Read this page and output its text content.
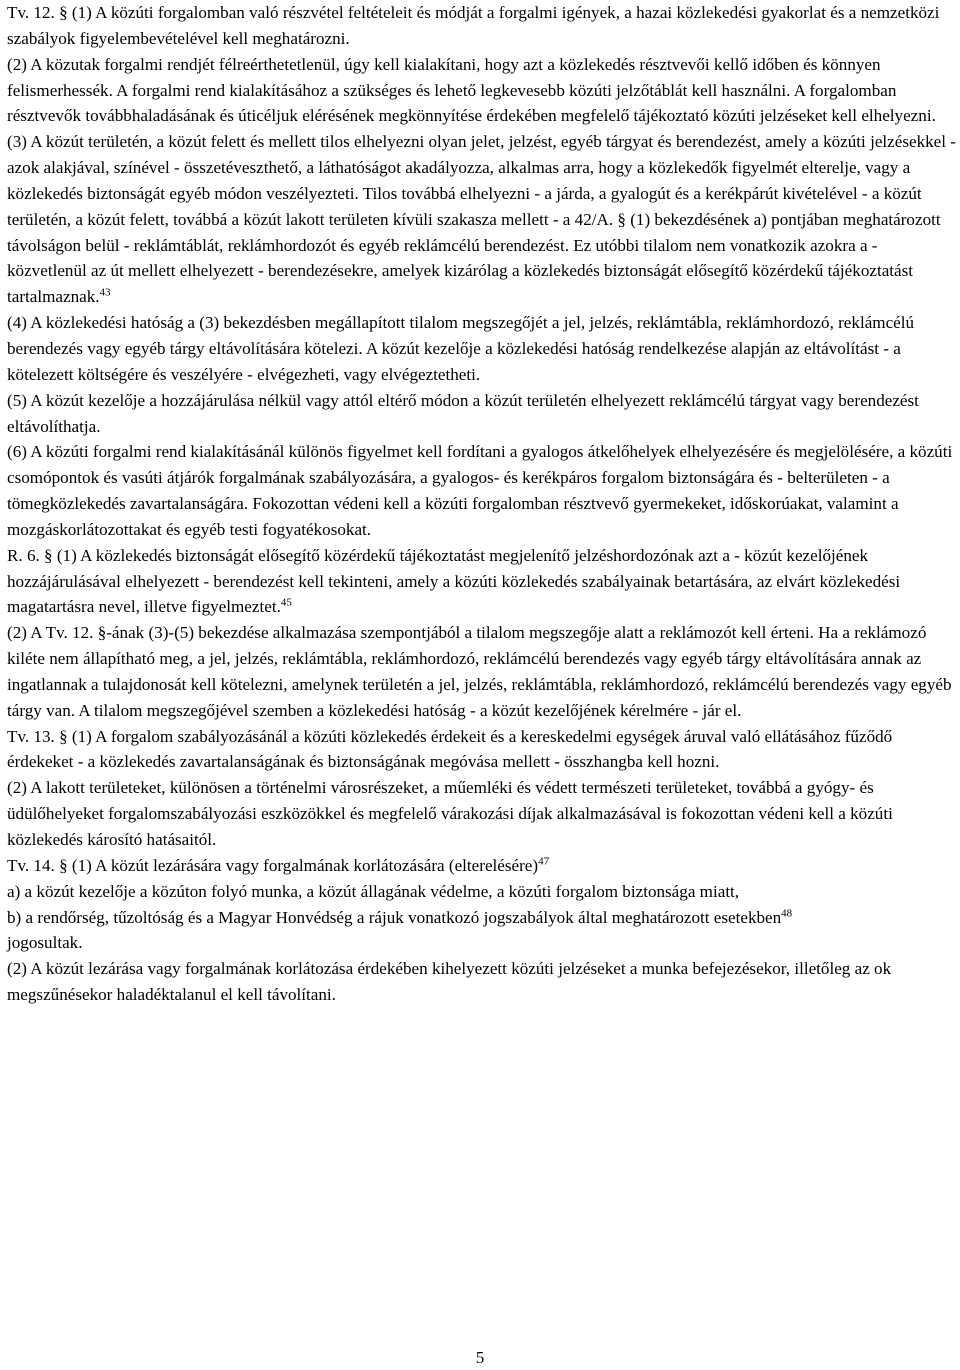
Tv. 12. § (1) A közúti forgalomban való részvétel feltételeit és módját a forgalmi igények, a hazai közlekedési gyakorlat és a nemzetközi szabályok figyelembevételével kell meghatározni.

(2) A közutak forgalmi rendjét félreérthetetlenül, úgy kell kialakítani, hogy azt a közlekedés résztvevői kellő időben és könnyen felismerhessék. A forgalmi rend kialakításához a szükséges és lehető legkevesebb közúti jelzőtáblát kell használni. A forgalomban résztvevők továbbhaladásának és úticéljuk elérésének megkönnyítése érdekében megfelelő tájékoztató közúti jelzéseket kell elhelyezni.

(3) A közút területén, a közút felett és mellett tilos elhelyezni olyan jelet, jelzést, egyéb tárgyat és berendezést, amely a közúti jelzésekkel - azok alakjával, színével - összetéveszthető, a láthatóságot akadályozza, alkalmas arra, hogy a közlekedők figyelmét elterelje, vagy a közlekedés biztonságát egyéb módon veszélyezteti. Tilos továbbá elhelyezni - a járda, a gyalogút és a kerékpárút kivételével - a közút területén, a közút felett, továbbá a közút lakott területen kívüli szakasza mellett - a 42/A. § (1) bekezdésének a) pontjában meghatározott távolságon belül - reklámtáblát, reklámhordozót és egyéb reklámcélú berendezést. Ez utóbbi tilalom nem vonatkozik azokra a - közvetlenül az út mellett elhelyezett - berendezésekre, amelyek kizárólag a közlekedés biztonságát elősegítő közérdekű tájékoztatást tartalmaznak.$^{43}$

(4) A közlekedési hatóság a (3) bekezdésben megállapított tilalom megszegőjét a jel, jelzés, reklámtábla, reklámhordozó, reklámcélú berendezés vagy egyéb tárgy eltávolítására kötelezi. A közút kezelője a közlekedési hatóság rendelkezése alapján az eltávolítást - a kötelezett költségére és veszélyére - elvégezheti, vagy elvégeztetheti.

(5) A közút kezelője a hozzájárulása nélkül vagy attól eltérő módon a közút területén elhelyezett reklámcélú tárgyat vagy berendezést eltávolíthatja.

(6) A közúti forgalmi rend kialakításánál különös figyelmet kell fordítani a gyalogos átkelőhelyek elhelyezésére és megjelölésére, a közúti csomópontok és vasúti átjárók forgalmának szabályozására, a gyalogos- és kerékpáros forgalom biztonságára és - belterületen - a tömegközlekedés zavartalanságára. Fokozottan védeni kell a közúti forgalomban résztvevő gyermekeket, időskorúakat, valamint a mozgáskorlátozottakat és egyéb testi fogyatékosokat.

R. 6. § (1) A közlekedés biztonságát elősegítő közérdekű tájékoztatást megjelenítő jelzéshordozónak azt a - közút kezelőjének hozzájárulásával elhelyezett - berendezést kell tekinteni, amely a közúti közlekedés szabályainak betartására, az elvárt közlekedési magatartásra nevel, illetve figyelmeztet.$^{45}$

(2) A Tv. 12. §-ának (3)-(5) bekezdése alkalmazása szempontjából a tilalom megszegője alatt a reklámozót kell érteni. Ha a reklámozó kiléte nem állapítható meg, a jel, jelzés, reklámtábla, reklámhordozó, reklámcélú berendezés vagy egyéb tárgy eltávolítására annak az ingatlannak a tulajdonosát kell kötelezni, amelynek területén a jel, jelzés, reklámtábla, reklámhordozó, reklámcélú berendezés vagy egyéb tárgy van. A tilalom megszegőjével szemben a közlekedési hatóság - a közút kezelőjének kérelmére - jár el.

Tv. 13. § (1) A forgalom szabályozásánál a közúti közlekedés érdekeit és a kereskedelmi egységek áruval való ellátásához fűződő érdekeket - a közlekedés zavartalanságának és biztonságának megóvása mellett - összhangba kell hozni.

(2) A lakott területeket, különösen a történelmi városrészeket, a műemléki és védett természeti területeket, továbbá a gyógy- és üdülőhelyeket forgalomszabályozási eszközökkel és megfelelő várakozási díjak alkalmazásával is fokozottan védeni kell a közúti közlekedés károsító hatásaitól.

Tv. 14. § (1) A közút lezárására vagy forgalmának korlátozására (elterelésére)$^{47}$

a) a közút kezelője a közúton folyó munka, a közút állagának védelme, a közúti forgalom biztonsága miatt,

b) a rendőrség, tűzoltóság és a Magyar Honvédség a rájuk vonatkozó jogszabályok által meghatározott esetekben$^{48}$

jogosultak.

(2) A közút lezárása vagy forgalmának korlátozása érdekében kihelyezett közúti jelzéseket a munka befejezésekor, illetőleg az ok megszűnésekor haladéktalanul el kell távolítani.

5
